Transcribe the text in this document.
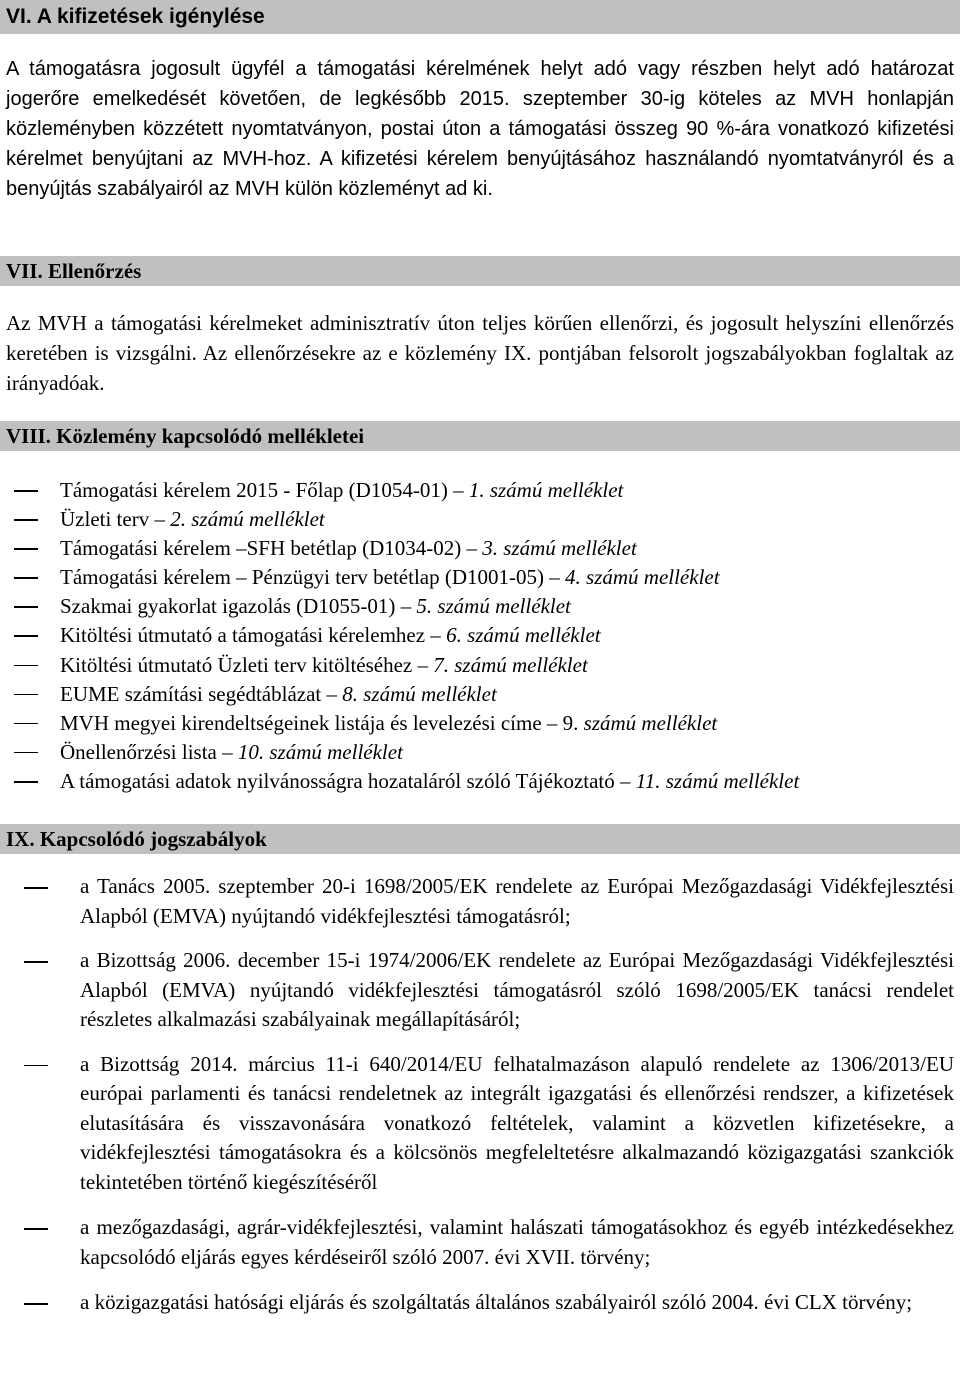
VI. A kifizetések igénylése

A támogatásra jogosult ügyfél a támogatási kérelmének helyt adó vagy részben helyt adó határozat jogerőre emelkedését követően, de legkésőbb 2015. szeptember 30-ig köteles az MVH honlapján közleményben közzétett nyomtatványon, postai úton a támogatási összeg 90 %-ára vonatkozó kifizetési kérelmet benyújtani az MVH-hoz. A kifizetési kérelem benyújtásához használandó nyomtatványról és a benyújtás szabályairól az MVH külön közleményt ad ki.

VII. Ellenőrzés

Az MVH a támogatási kérelmeket adminisztratív úton teljes körűen ellenőrzi, és jogosult helyszíni ellenőrzés keretében is vizsgálni. Az ellenőrzésekre az e közlemény IX. pontjában felsorolt jogszabályokban foglaltak az irányadóak.

VIII. Közlemény kapcsolódó mellékletei
Támogatási kérelem 2015 - Főlap (D1054-01) – 1. számú melléklet
Üzleti terv – 2. számú melléklet
Támogatási kérelem –SFH betétlap (D1034-02) – 3. számú melléklet
Támogatási kérelem – Pénzügyi terv betétlap (D1001-05) – 4. számú melléklet
Szakmai gyakorlat igazolás (D1055-01) – 5. számú melléklet
Kitöltési útmutató a támogatási kérelemhez – 6. számú melléklet
Kitöltési útmutató Üzleti terv kitöltéséhez – 7. számú melléklet
EUME számítási segédtáblázat – 8. számú melléklet
MVH megyei kirendeltségeinek listája és levelezési címe – 9. számú melléklet
Önellenőrzési lista – 10. számú melléklet
A támogatási adatok nyilvánosságra hozataláról szóló Tájékoztató – 11. számú melléklet
IX. Kapcsolódó jogszabályok
a Tanács 2005. szeptember 20-i 1698/2005/EK rendelete az Európai Mezőgazdasági Vidékfejlesztési Alapból (EMVA) nyújtandó vidékfejlesztési támogatásról;
a Bizottság 2006. december 15-i 1974/2006/EK rendelete az Európai Mezőgazdasági Vidékfejlesztési Alapból (EMVA) nyújtandó vidékfejlesztési támogatásról szóló 1698/2005/EK tanácsi rendelet részletes alkalmazási szabályainak megállapításáról;
a Bizottság 2014. március 11-i 640/2014/EU felhatalmazáson alapuló rendelete az 1306/2013/EU európai parlamenti és tanácsi rendeletnek az integrált igazgatási és ellenőrzési rendszer, a kifizetések elutasítására és visszavonására vonatkozó feltételek, valamint a közvetlen kifizetésekre, a vidékfejlesztési támogatásokra és a kölcsönös megfeleltetésre alkalmazandó közigazgatási szankciók tekintetében történő kiegészítéséről
a mezőgazdasági, agrár-vidékfejlesztési, valamint halászati támogatásokhoz és egyéb intézkedésekhez kapcsolódó eljárás egyes kérdéseiről szóló 2007. évi XVII. törvény;
a közigazgatási hatósági eljárás és szolgáltatás általános szabályairól szóló 2004. évi CLX törvény;
